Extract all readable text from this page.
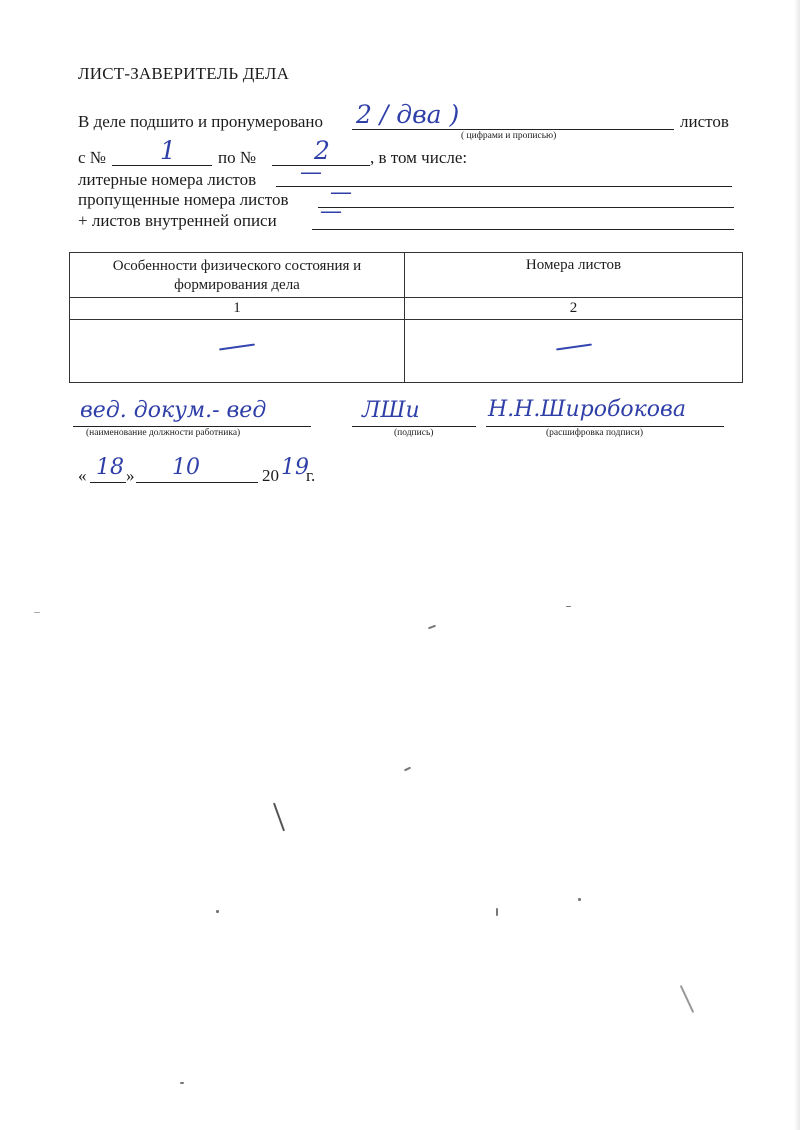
ЛИСТ-ЗАВЕРИТЕЛЬ ДЕЛА
В деле подшито и пронумеровано 2 / два )	листов
( цифрами и прописью)
с № 1 по № 2 , в том числе:
литерные номера листов —
пропущенные номера листов —
+ листов внутренней описи —
Особенности физического состояния и формирования дела	Номера листов
1	2

вед. докум.- вед
(наименование должности работника)
ЛШи
(подпись)
Н.Н.Широбокова
(расшифровка подписи)
« 18 » 10	20 19
г.
